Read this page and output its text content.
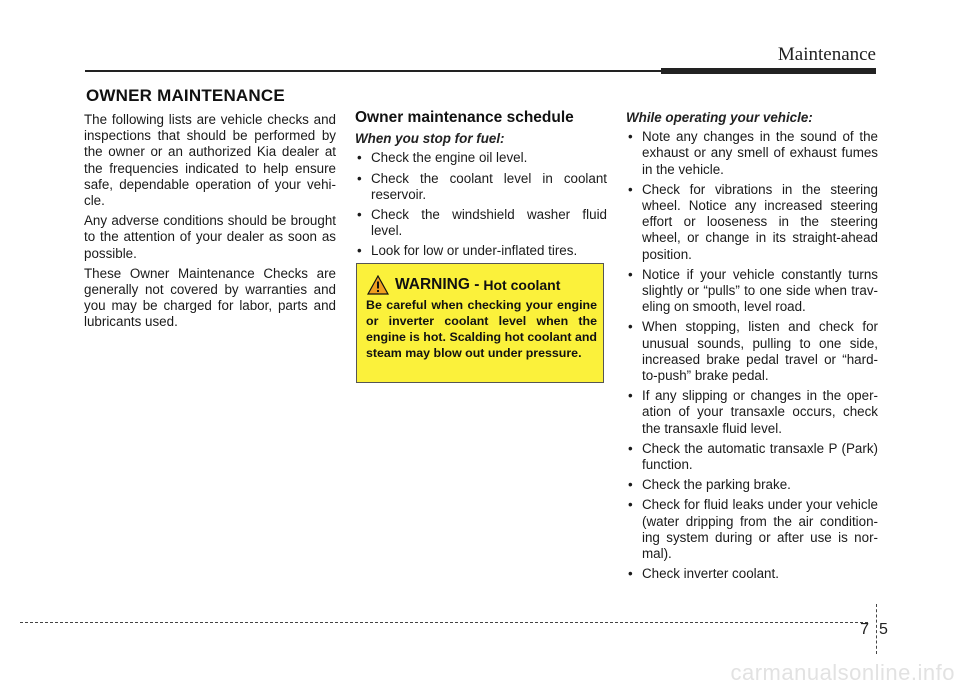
Maintenance
OWNER MAINTENANCE

The following lists are vehicle checks and inspections that should be performed by the owner or an authorized Kia dealer at the frequencies indicated to help ensure safe, dependable operation of your vehi-cle.

Any adverse conditions should be brought to the attention of your dealer as soon as possible.

These Owner Maintenance Checks are generally not covered by warranties and you may be charged for labor, parts and lubricants used.

Owner maintenance schedule
When you stop for fuel:
• Check the engine oil level.
• Check the coolant level in coolant reservoir.
• Check the windshield washer fluid level.
• Look for low or under-inflated tires.
WARNING - Hot coolant
Be careful when checking your engine or inverter coolant level when the engine is hot. Scalding hot coolant and steam may blow out under pressure.
While operating your vehicle:
• Note any changes in the sound of the exhaust or any smell of exhaust fumes in the vehicle.
• Check for vibrations in the steering wheel. Notice any increased steering effort or looseness in the steering wheel, or change in its straight-ahead position.
• Notice if your vehicle constantly turns slightly or “pulls” to one side when trav-eling on smooth, level road.
• When stopping, listen and check for unusual sounds, pulling to one side, increased brake pedal travel or “hard-to-push” brake pedal.
• If any slipping or changes in the oper-ation of your transaxle occurs, check the transaxle fluid level.
• Check the automatic transaxle P (Park) function.
• Check the parking brake.
• Check for fluid leaks under your vehicle (water dripping from the air condition-ing system during or after use is nor-mal).
• Check inverter coolant.
75
carmanualsonline.info
